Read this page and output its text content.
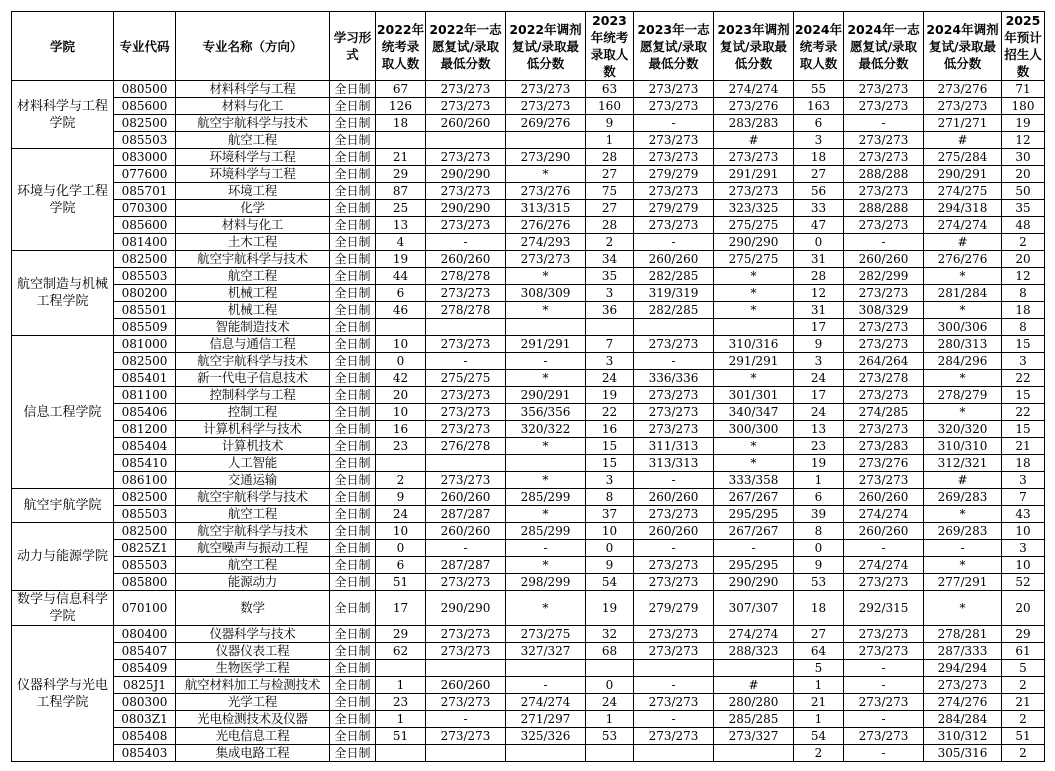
学院	专业代码	专业名称（方向）	学习形式	2022年统考录取人数	2022年一志愿复试/录取最低分数	2022年调剂复试/录取最低分数	2023年统考录取人数	2023年一志愿复试/录取最低分数	2023年调剂复试/录取最低分数	2024年统考录取人数	2024年一志愿复试/录取最低分数	2024年调剂复试/录取最低分数	2025年预计招生人数
材料科学与工程学院	080500	材料科学与工程	全日制	67	273/273	273/273	63	273/273	274/274	55	273/273	273/276	71
	085600	材料与化工	全日制	126	273/273	273/273	160	273/273	273/276	163	273/273	273/273	180
	082500	航空宇航科学与技术	全日制	18	260/260	269/276	9	-	283/283	6	-	271/271	19
	085503	航空工程	全日制				1	273/273	#	3	273/273	#	12
环境与化学工程学院	083000	环境科学与工程	全日制	21	273/273	273/290	28	273/273	273/273	18	273/273	275/284	30
	077600	环境科学与工程	全日制	29	290/290	*	27	279/279	291/291	27	288/288	290/291	20
	085701	环境工程	全日制	87	273/273	273/276	75	273/273	273/273	56	273/273	274/275	50
	070300	化学	全日制	25	290/290	313/315	27	279/279	323/325	33	288/288	294/318	35
	085600	材料与化工	全日制	13	273/273	276/276	28	273/273	275/275	47	273/273	274/274	48
	081400	土木工程	全日制	4	-	274/293	2	-	290/290	0	-	#	2
航空制造与机械工程学院	082500	航空宇航科学与技术	全日制	19	260/260	273/273	34	260/260	275/275	31	260/260	276/276	20
	085503	航空工程	全日制	44	278/278	*	35	282/285	*	28	282/299	*	12
	080200	机械工程	全日制	6	273/273	308/309	3	319/319	*	12	273/273	281/284	8
	085501	机械工程	全日制	46	278/278	*	36	282/285	*	31	308/329	*	18
	085509	智能制造技术	全日制							17	273/273	300/306	8
信息工程学院	081000	信息与通信工程	全日制	10	273/273	291/291	7	273/273	310/316	9	273/273	280/313	15
	082500	航空宇航科学与技术	全日制	0	-	-	3	-	291/291	3	264/264	284/296	3
	085401	新一代电子信息技术	全日制	42	275/275	*	24	336/336	*	24	273/278	*	22
	081100	控制科学与工程	全日制	20	273/273	290/291	19	273/273	301/301	17	273/273	278/279	15
	085406	控制工程	全日制	10	273/273	356/356	22	273/273	340/347	24	274/285	*	22
	081200	计算机科学与技术	全日制	16	273/273	320/322	16	273/273	300/300	13	273/273	320/320	15
	085404	计算机技术	全日制	23	276/278	*	15	311/313	*	23	273/283	310/310	21
	085410	人工智能	全日制				15	313/313	*	19	273/276	312/321	18
	086100	交通运输	全日制	2	273/273	*	3	-	333/358	1	273/273	#	3
航空宇航学院	082500	航空宇航科学与技术	全日制	9	260/260	285/299	8	260/260	267/267	6	260/260	269/283	7
	085503	航空工程	全日制	24	287/287	*	37	273/273	295/295	39	274/274	*	43
动力与能源学院	082500	航空宇航科学与技术	全日制	10	260/260	285/299	10	260/260	267/267	8	260/260	269/283	10
	0825Z1	航空噪声与振动工程	全日制	0	-	-	0	-	-	0	-	-	3
	085503	航空工程	全日制	6	287/287	*	9	273/273	295/295	9	274/274	*	10
	085800	能源动力	全日制	51	273/273	298/299	54	273/273	290/290	53	273/273	277/291	52
数学与信息科学学院	070100	数学	全日制	17	290/290	*	19	279/279	307/307	18	292/315	*	20
仪器科学与光电工程学院	080400	仪器科学与技术	全日制	29	273/273	273/275	32	273/273	274/274	27	273/273	278/281	29
	085407	仪器仪表工程	全日制	62	273/273	327/327	68	273/273	288/323	64	273/273	287/333	61
	085409	生物医学工程	全日制							5	-	294/294	5
	0825J1	航空材料加工与检测技术	全日制	1	260/260	-	0	-	#	1	-	273/273	2
	080300	光学工程	全日制	23	273/273	274/274	24	273/273	280/280	21	273/273	274/276	21
	0803Z1	光电检测技术及仪器	全日制	1	-	271/297	1	-	285/285	1	-	284/284	2
	085408	光电信息工程	全日制	51	273/273	325/326	53	273/273	273/327	54	273/273	310/312	51
	085403	集成电路工程	全日制							2	-	305/316	2
